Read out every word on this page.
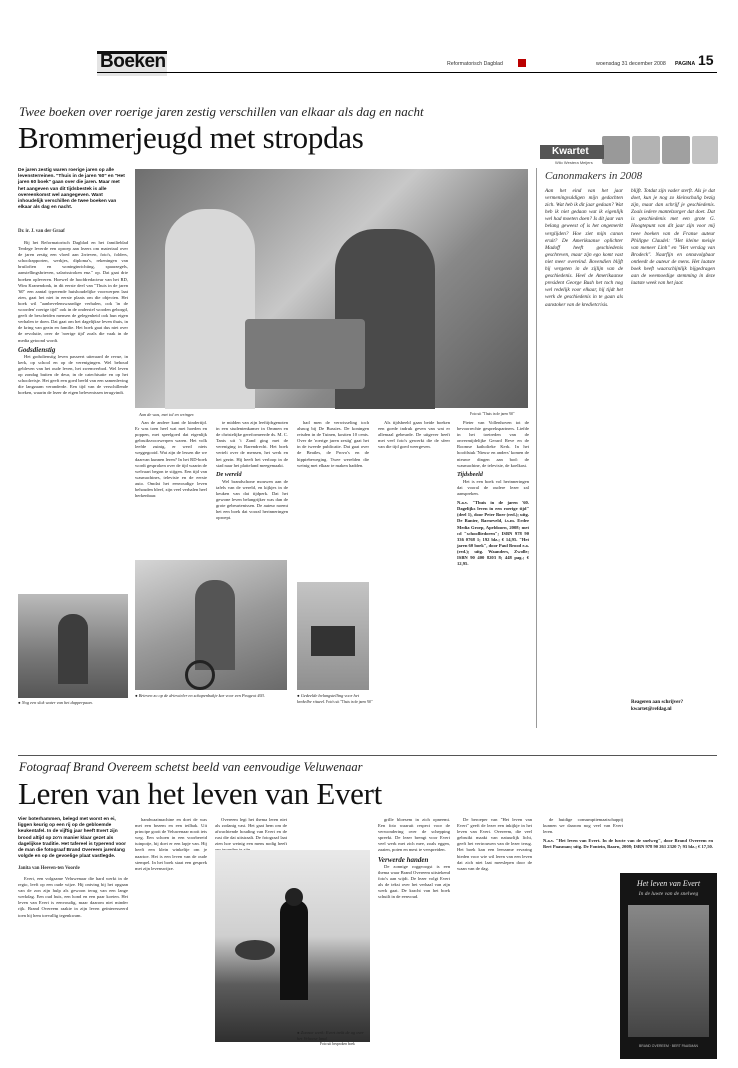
Boeken	Reformatorisch Dagblad	woensdag 31 december 2008 PAGINA 15
Twee boeken over roerige jaren zestig verschillen van elkaar als dag en nacht
Brommerjeugd met stropdas	Kwartet
Wilo Westera Meijers
De jaren zestig waren roerige jaren op alle levensterreinen. "Thuis in de jaren '60" en "Het jaren 60 boek" gaan over die jaren. Maar met het aangeven van dit tijdsbestek is alle overeenkomst wel aangegeven. Want inhoudelijk verschillen de twee boeken van elkaar als dag en nacht.
Dr. ir. J. van der Graaf

Bij het Reformatorisch Dagblad en het familieblad Terdege leverde een oproep aan lezers om materiaal over de jaren zestig een vloed aan 2rrieven, foto's, folders, schoolrapporten, werkjes, diploma's, rekeningen van bruiloften en woninginrichting, spaarzegels, aanstellingsbrieven, salarisstroken enz." op. Dat gaat drie boeken opleveren. Hoewel de hoofdredacteur van het RD, Wim Kranendonk, in dit eerste deel van "Thuis in de jaren '60" een aantal typerende huishoudelijke voorwerpen laat zien, gaat het niet in eerste plaats om die objecten. Het boek wil "aanbevelenswaardige verhalen, ook 'in de woorden' roerige tijd" ook in de onderstel wooden geborgd, geeft de bescheiden mensen de gelegenheid ook hun eigen verhalen te doen. Dat gaat om het dagelijkse leven thuis, in de kring van gezin en familie. Het boek gaat dus niet over de revolutie, over de 'roerige tijd' zoals die vaak in de media getoond wordt.

Godsdienstig

Het godsdienstig leven passeert uiteraard de revue, in kerk, op school en op de verenigingen. Wel behoud gebleven van het oude leven, het zwemverbod. Wel leven op zondag buiten de deur, in de catechisatie en op het schoolreisje. Het geeft een goed beeld van een samenleving die langzaam veranderde. Een tijd van de verschillende boeken, waarin de lezer de eigen belevenissen terugvindt.

Aan de was, met tol en wringer.	Foto uit "Thuis in de jaren '60"

Aan de andere kant de kindertijd. Er was toen heel wat met hoeden en poppen, met speelgoed dat eigenlijk gebruiksvoorwerpen waren. Het volk leefde zuinig, er werd niets weggegooid. Wat zijn de lessen die we daarvan kunnen leren? In het RD-boek wordt gesproken over de tijd waarin de welvaart begon te stijgen. Een tijd van wasmachines, televisie en de eerste auto. Omdat het eenvoudige leven behouden bleef, zijn veel verhalen heel herkenbaar.

te midden van zijn leeftijdsgenoten in een studentenkamer in Ommen en de christelijke gereformeerde ds. M. C. Tanis uit 't Zand ging met de vereniging in Barendrecht. Het boek vertelt over de mensen, het werk en het gezin. Hij heeft het verloop in de stad naar het platteland meegemaakt.

De wereld

Wel brandschone mouwen aan de tafels van de wereld, en kijkjes in de keuken van dat tijdperk. Dat het gewone leven belangrijker was dan de grote gebeurtenissen. De auteur noemt het een boek dat vooral herinneringen oproept.

had men de verwisseling toch alsnog bij De Bussies. De koningen reisden in de Tuinen, kostten 10 cents. Over de 'roerige jaren zestig' gaat het in de tweede publicatie. Dat gaat over de Beatles, de Provo's en de hippiebeweging. Twee werelden die weinig met elkaar te maken hadden.

Als tijdsbeeld gaan beide boeken een goede indruk geven van wat er allemaal gebeurde. De uitgever heeft met veel foto's gewerkt die de sfeer van die tijd goed weergeven.

Pieter van Vollenhoven tot de bevoorrechte gesprekspartners. Liefde in het toetreden van de onvermijdelijke Gerard Reve en de Roomse katholieke Kerk. In het hoofdstuk 'Nieuw en anders' komen de nieuwe dingen aan bod: de wasmachine, de televisie, de koelkast.

Tijdsbeeld

Het is een boek vol herinneringen dat vooral de oudere lezer zal aanspreken.

N.a.v. "Thuis in de jaren '60. Dagelijks leven in een roerige tijd" (deel 1), door Peter Boer (red.); uitg. De Banier, Barneveld, i.s.m. Erdee Media Groep, Apeldoorn, 2008; met cd "schoolliedoren"; ISBN 978 90 336 0768 1; 192 blz.; € 14,95. "Het jaren 60 boek", door Paul Brood e.a. (red.); uitg. Waanders, Zwolle; ISBN 90 400 8203 8; 448 pag.; € 12,95.

● Nog een slok water van het dapperpaan.
● Brieven zo op de driewieler en schapenbakje kar voor een Peugeot 403.	● Gedeelde belangstelling voor het krekelbe ritueel. Foto's uit "Thuis in de jaren '60"
Canonmakers in 2008
Aan het eind van het jaar vermeningvuldigen mijn gedachten zich. Wat heb ik dit jaar gedaan? Wat heb ik niet gedaan wat ik eigenlijk wel had moeten doen? Is dit jaar van belang geweest of is het ongemerkt verglijden? Hoe ziet mijn canon eruit? De Amerikaanse oplichter Madoff heeft geschiedenis geschreven, maar zijn ego komt vast niet meer overeind. Bovendien blijft hij vergeten in de zijlijn van de geschiedenis. Heel de Amerikaanse president George Bush het toch nog wel redelijk voor elkaar, hij tijdt het werk de geschiedenis in te gaan als aanstoker van de kredietcrisis.
blijft. Totdat zijn vader sterft. Als je dat doet, kun je nog zo kleinschalig bezig zijn, maar dan schrijf je geschiedenis. Zoals iedere mantelzorger dat doet. Dat is geschiedenis met een grote G. Hoogtepunt van dit jaar zijn voor mij twee boeken van de Franse auteur Philippe Claudel: "Het kleine meisje van meneer Linh" en "Het verslag van Brodeck". Naarfijn en onnavolgbaar ontleedt de auteur de mens. Het laatste boek heeft waarschijnlijk bijgedragen aan de weemoedige stemming in deze laatste week van het jaar.
Reageren aan schrijver?
kwartet@refdag.nl
Fotograaf Brand Overeem schetst beeld van eenvoudige Veluwenaar
Leren van het leven van Evert
Vier boterhammen, belegd met worst en ei, liggen keurig op een rij op de gebloemde keukentafel. In de vijftig jaar heeft Evert zijn brood altijd op zo'n manier klaar gezet als dagelijkse traditie. Het tafereel is typerend voor de man die fotograaf Brand Overeem jarenlang volgde en op de gevoelige plaat vastlegde.
Janita van Heeven-ten Voorde

Evert, een volgzame Veluwenaar die hard werkt in de regio, leeft op een oude wijze. Hij ontving bij het opgaan van de zon zijn hulp als gewoon terug van een lange werkdag. Een oud huis, een hond en een paar koeien. Het leven van Evert is eenvoudig, maar daarom niet minder rijk. Brand Overeem raakte in zijn leven geïnteresseerd toen hij hem toevallig tegenkwam.

handwaaimachine en doet de was met een bezem en een teilbak. Uit principe gooit de Veluwenaar nooit iets weg. Een schoen in een voorbereid tuinpotje, hij doet er een lapje van. Hij heeft een klein winkeltje om je naartoe. Het is een leven van de oude stempel. In het boek staat een gesprek met zijn levenswijze.

Overeem legt het thema leren niet als zodanig vast. Het gaat hem om de afwachtende houding van Evert en de rust die dat uitstraalt. De fotograaf laat zien hoe weinig een mens nodig heeft

● Zonnor werk: Evert trekt de ag over het Veluwse land.
Foto uit besproken boek

grille bloesem in zich opneemt. Een foto waaruit respect voor de verwondering over de schepping spreekt. De lezer brengt voor Evert veel werk met zich mee, zoals eggen, zaaien, poten en mest te verspreiden.

Verwerde handen

De zonnige roggeoogst is een thema waar Brand Overeem uitstekend foto's aan wijdt. De lezer volgt Evert als de tekst over het verhaal van zijn werk gaat. De kracht van het boek schuilt in de eenvoud.

De beroeper van "Het leven van Evert" geeft de lezer een inkijkje in het leven van Evert. Overeem, die veel gebruikt maakt van natuurlijk licht, geeft het vertrouwen van de lezer terug. Het boek kan een leerzame ervaring bieden voor wie wil leren van een leven dat zich niet laat meeslepen door de waan van de dag.

de huidige consumptiemaatschappij kunnen we daarom nog veel van Evert leren.

N.a.v. "Het leven van Evert. In de luwte van de snelweg", door Brand Overeem en Bert Paasman; uitg. De Fontein, Baarn, 2008; ISBN 978 90 261 2320 7; 93 blz.; € 17,50.

Het leven van Evert
In de luwte van de snelweg
BRAND OVEREEM · BERT PAASMAN
